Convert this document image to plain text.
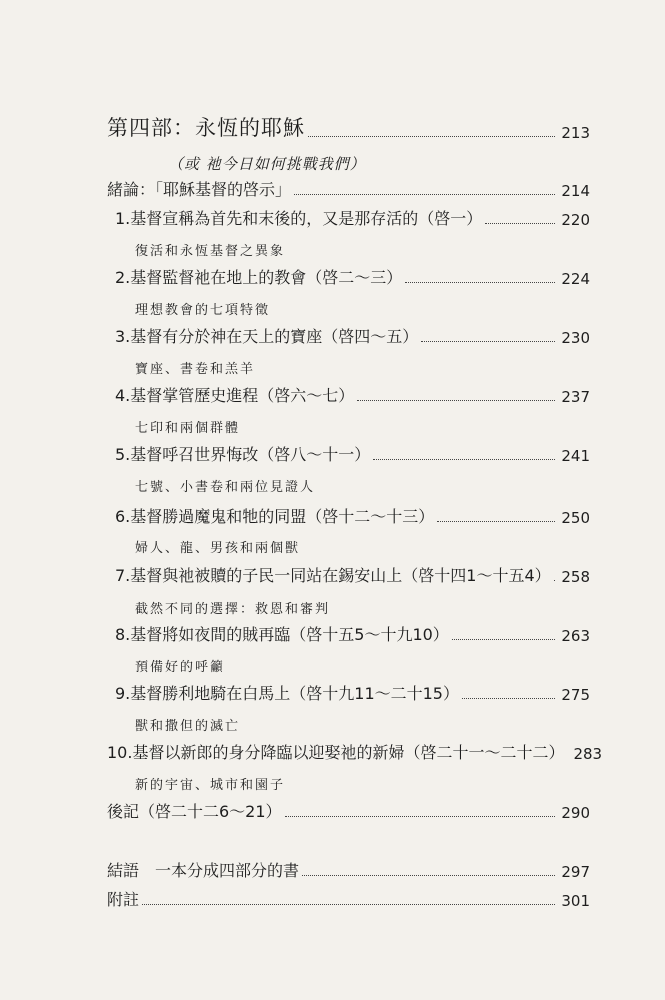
第四部：永恆的耶穌	213
（或 祂今日如何挑戰我們）
緒論：「耶穌基督的啓示」	214
1.基督宣稱為首先和末後的，又是那存活的（啓一）	220
復活和永恆基督之異象
2.基督監督祂在地上的教會（啓二～三）	224
理想教會的七項特徵
3.基督有分於神在天上的寶座（啓四～五）	230
寶座、書卷和羔羊
4.基督掌管歷史進程（啓六～七）	237
七印和兩個群體
5.基督呼召世界悔改（啓八～十一）	241
七號、小書卷和兩位見證人
6.基督勝過魔鬼和牠的同盟（啓十二～十三）	250
婦人、龍、男孩和兩個獸
7.基督與祂被贖的子民一同站在錫安山上（啓十四1～十五4） 258
截然不同的選擇：救恩和審判
8.基督將如夜間的賊再臨（啓十五5～十九10）	263
預備好的呼籲
9.基督勝利地騎在白馬上（啓十九11～二十15）	275
獸和撒但的滅亡
10.基督以新郎的身分降臨以迎娶祂的新婦（啓二十一～二十二） 283
新的宇宙、城市和園子
後記（啓二十二6～21）	290
結語　一本分成四部分的書	297
附註	301
